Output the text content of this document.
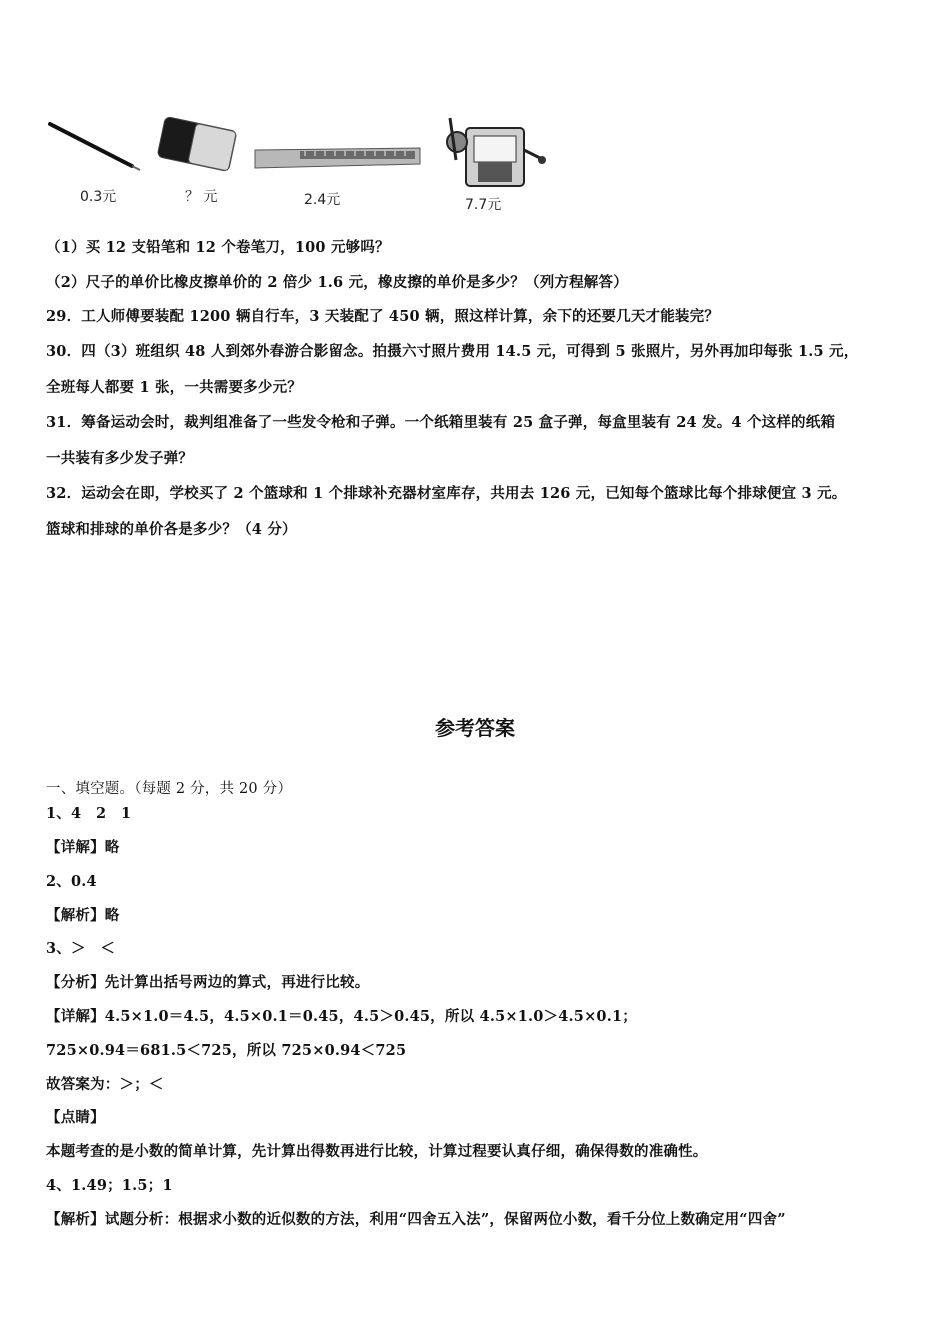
0.3元	？ 元	2.4元	7.7元
（1）买 12 支铅笔和 12 个卷笔刀，100 元够吗？
（2）尺子的单价比橡皮擦单价的 2 倍少 1.6 元，橡皮擦的单价是多少？（列方程解答）
29．工人师傅要装配 1200 辆自行车，3 天装配了 450 辆，照这样计算，余下的还要几天才能装完？
30．四（3）班组织 48 人到郊外春游合影留念。拍摄六寸照片费用 14.5 元，可得到 5 张照片，另外再加印每张 1.5 元，
全班每人都要 1 张，一共需要多少元？
31．筹备运动会时，裁判组准备了一些发令枪和子弹。一个纸箱里装有 25 盒子弹，每盒里装有 24 发。4 个这样的纸箱
一共装有多少发子弹？
32．运动会在即，学校买了 2 个篮球和 1 个排球补充器材室库存，共用去 126 元，已知每个篮球比每个排球便宜 3 元。
篮球和排球的单价各是多少？（4 分）
参考答案
一、填空题。（每题 2 分，共 20 分）
1、4　2　1
【详解】略
2、0.4
【解析】略
3、＞　＜
【分析】先计算出括号两边的算式，再进行比较。
【详解】4.5×1.0＝4.5，4.5×0.1＝0.45，4.5＞0.45，所以 4.5×1.0＞4.5×0.1；
725×0.94＝681.5＜725，所以 725×0.94＜725
故答案为：＞；＜
【点睛】
本题考查的是小数的简单计算，先计算出得数再进行比较，计算过程要认真仔细，确保得数的准确性。
4、1.49；1.5；1
【解析】试题分析：根据求小数的近似数的方法，利用“四舍五入法”，保留两位小数，看千分位上数确定用“四舍”
